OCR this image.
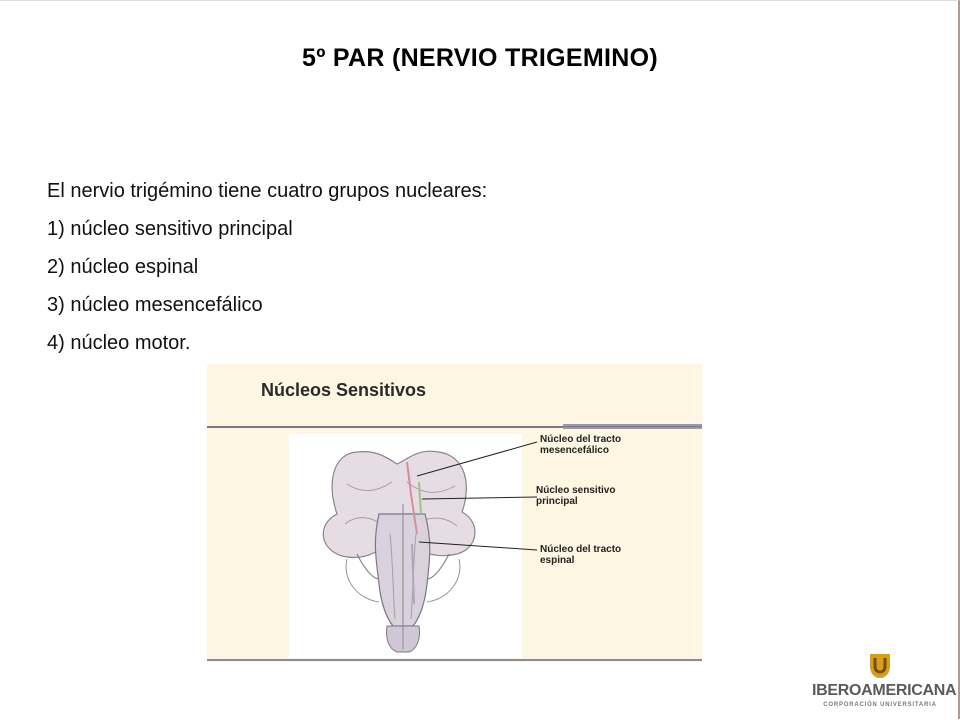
5º PAR (NERVIO TRIGEMINO)
El nervio trigémino tiene cuatro grupos nucleares:
1) núcleo sensitivo principal
2) núcleo espinal
3) núcleo mesencefálico
4) núcleo motor.
Núcleos Sensitivos
Núcleo del tracto
mesencefálico
Núcleo sensitivo
principal
Núcleo del tracto
espinal
IBEROAMERICANA
CORPORACIÓN UNIVERSITARIA
